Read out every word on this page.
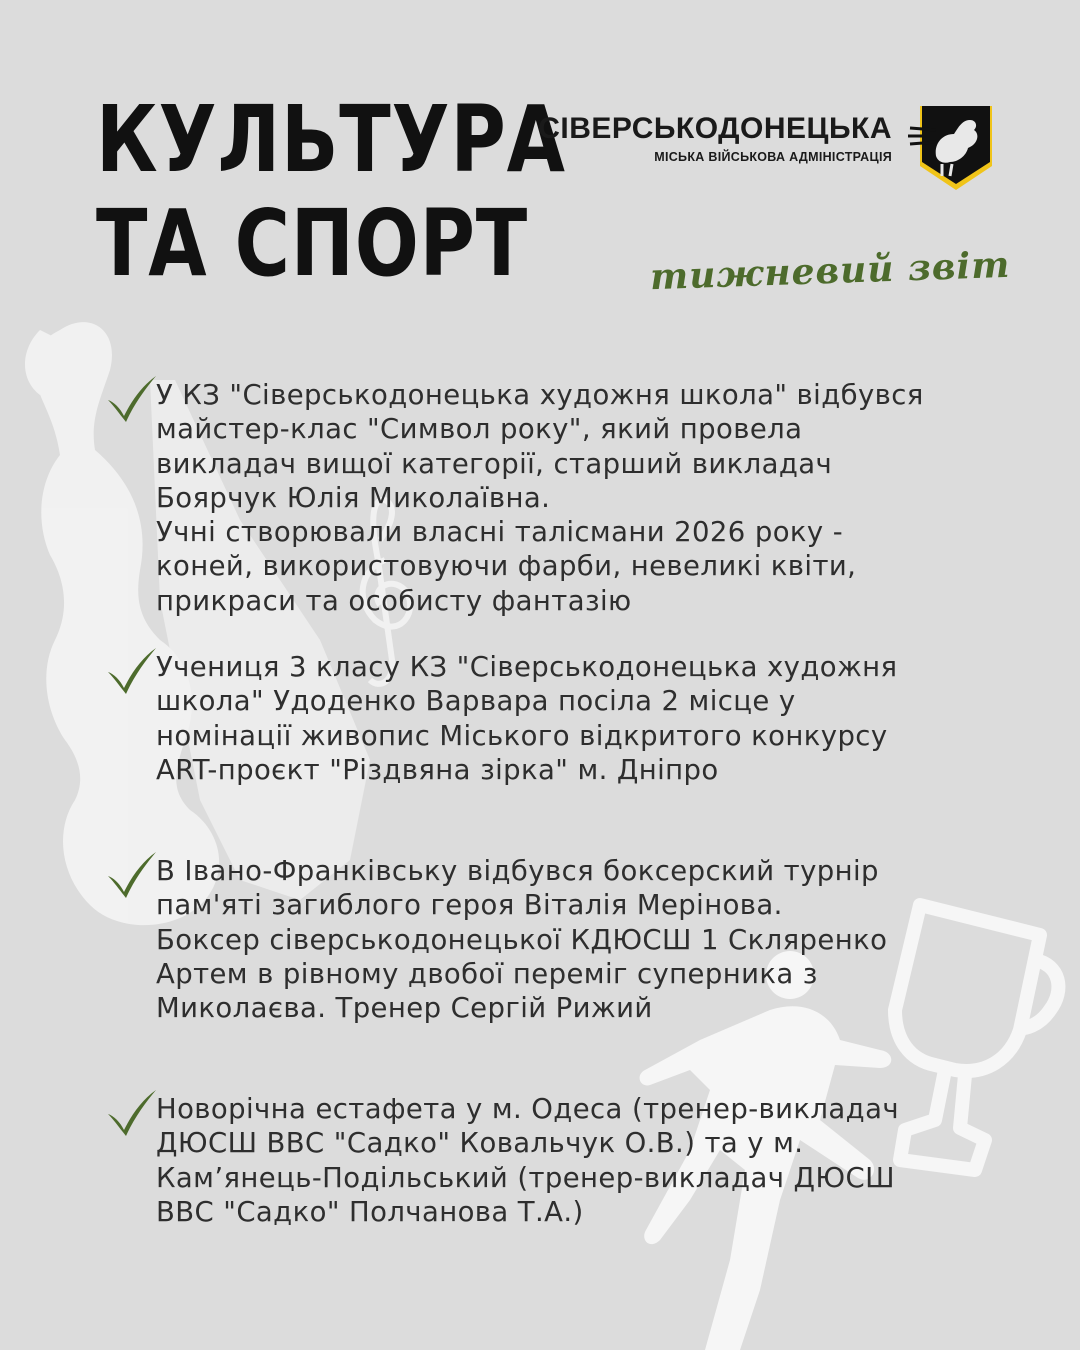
КУЛЬТУРА
ТА СПОРТ
СІВЕРСЬКОДОНЕЦЬКА
МІСЬКА ВІЙСЬКОВА АДМІНІСТРАЦІЯ
тижневий звіт
У КЗ "Сіверськодонецька художня школа" відбувся
майстер-клас "Символ року", який провела
викладач вищої категорії, старший викладач
Боярчук Юлія Миколаївна.
Учні створювали власні талісмани 2026 року -
коней, використовуючи фарби, невеликі квіти,
прикраси та особисту фантазію
Учениця 3 класу КЗ "Сіверськодонецька художня
школа" Удоденко Варвара посіла 2 місце у
номінації живопис Міського відкритого конкурсу
ART-проєкт "Різдвяна зірка" м. Дніпро
В Івано-Франківську відбувся боксерский турнір
пам'яті загиблого героя Віталія Мерінова.
Боксер сіверськодонецької КДЮСШ 1 Скляренко
Артем в рівному двобої переміг суперника з
Миколаєва. Тренер Сергій Рижий
Новорічна естафета у м. Одеса (тренер-викладач
ДЮСШ ВВС "Садко" Ковальчук О.В.) та у м.
Кам’янець-Подільський (тренер-викладач ДЮСШ
ВВС "Садко" Полчанова Т.А.)
